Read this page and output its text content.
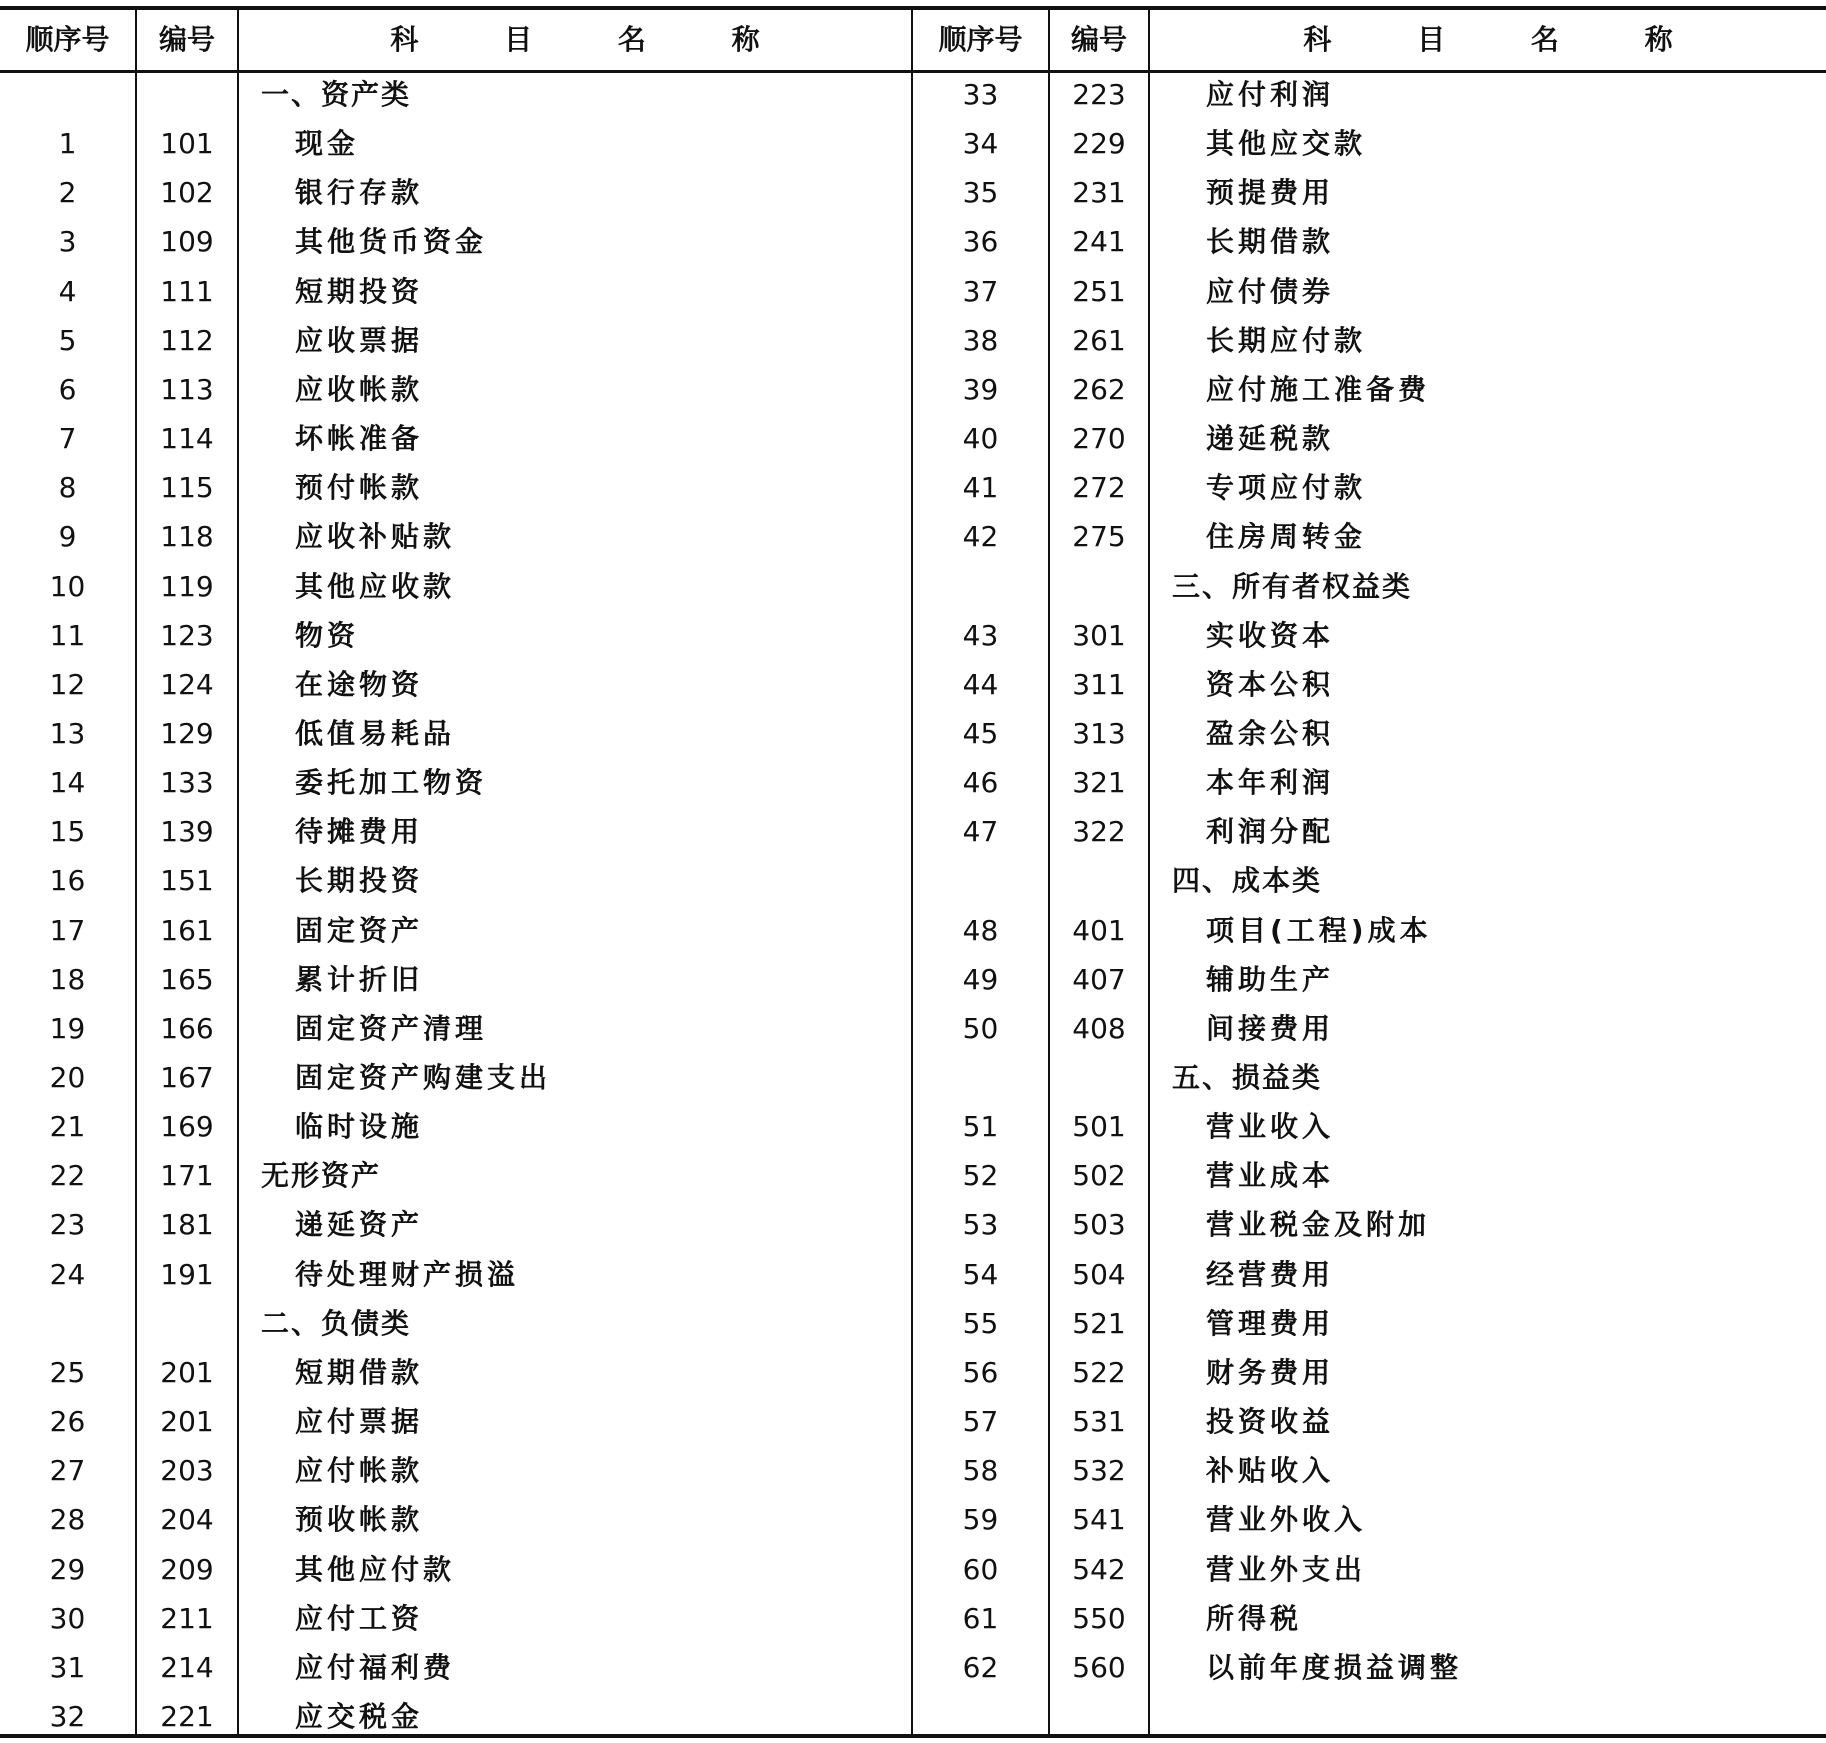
顺序号	编号	科 目 名 称	顺序号	编号	科 目 名 称
一、资产类
1	101	现金
2	102	银行存款
3	109	其他货币资金
4	111	短期投资
5	112	应收票据
6	113	应收帐款
7	114	坏帐准备
8	115	预付帐款
9	118	应收补贴款
10	119	其他应收款
11	123	物资
12	124	在途物资
13	129	低值易耗品
14	133	委托加工物资
15	139	待摊费用
16	151	长期投资
17	161	固定资产
18	165	累计折旧
19	166	固定资产清理
20	167	固定资产购建支出
21	169	临时设施
22	171	无形资产
23	181	递延资产
24	191	待处理财产损溢
二、负债类
25	201	短期借款
26	201	应付票据
27	203	应付帐款
28	204	预收帐款
29	209	其他应付款
30	211	应付工资
31	214	应付福利费
32	221	应交税金
33	223	应付利润
34	229	其他应交款
35	231	预提费用
36	241	长期借款
37	251	应付债券
38	261	长期应付款
39	262	应付施工准备费
40	270	递延税款
41	272	专项应付款
42	275	住房周转金
三、所有者权益类
43	301	实收资本
44	311	资本公积
45	313	盈余公积
46	321	本年利润
47	322	利润分配
四、成本类
48	401	项目(工程)成本
49	407	辅助生产
50	408	间接费用
五、损益类
51	501	营业收入
52	502	营业成本
53	503	营业税金及附加
54	504	经营费用
55	521	管理费用
56	522	财务费用
57	531	投资收益
58	532	补贴收入
59	541	营业外收入
60	542	营业外支出
61	550	所得税
62	560	以前年度损益调整
